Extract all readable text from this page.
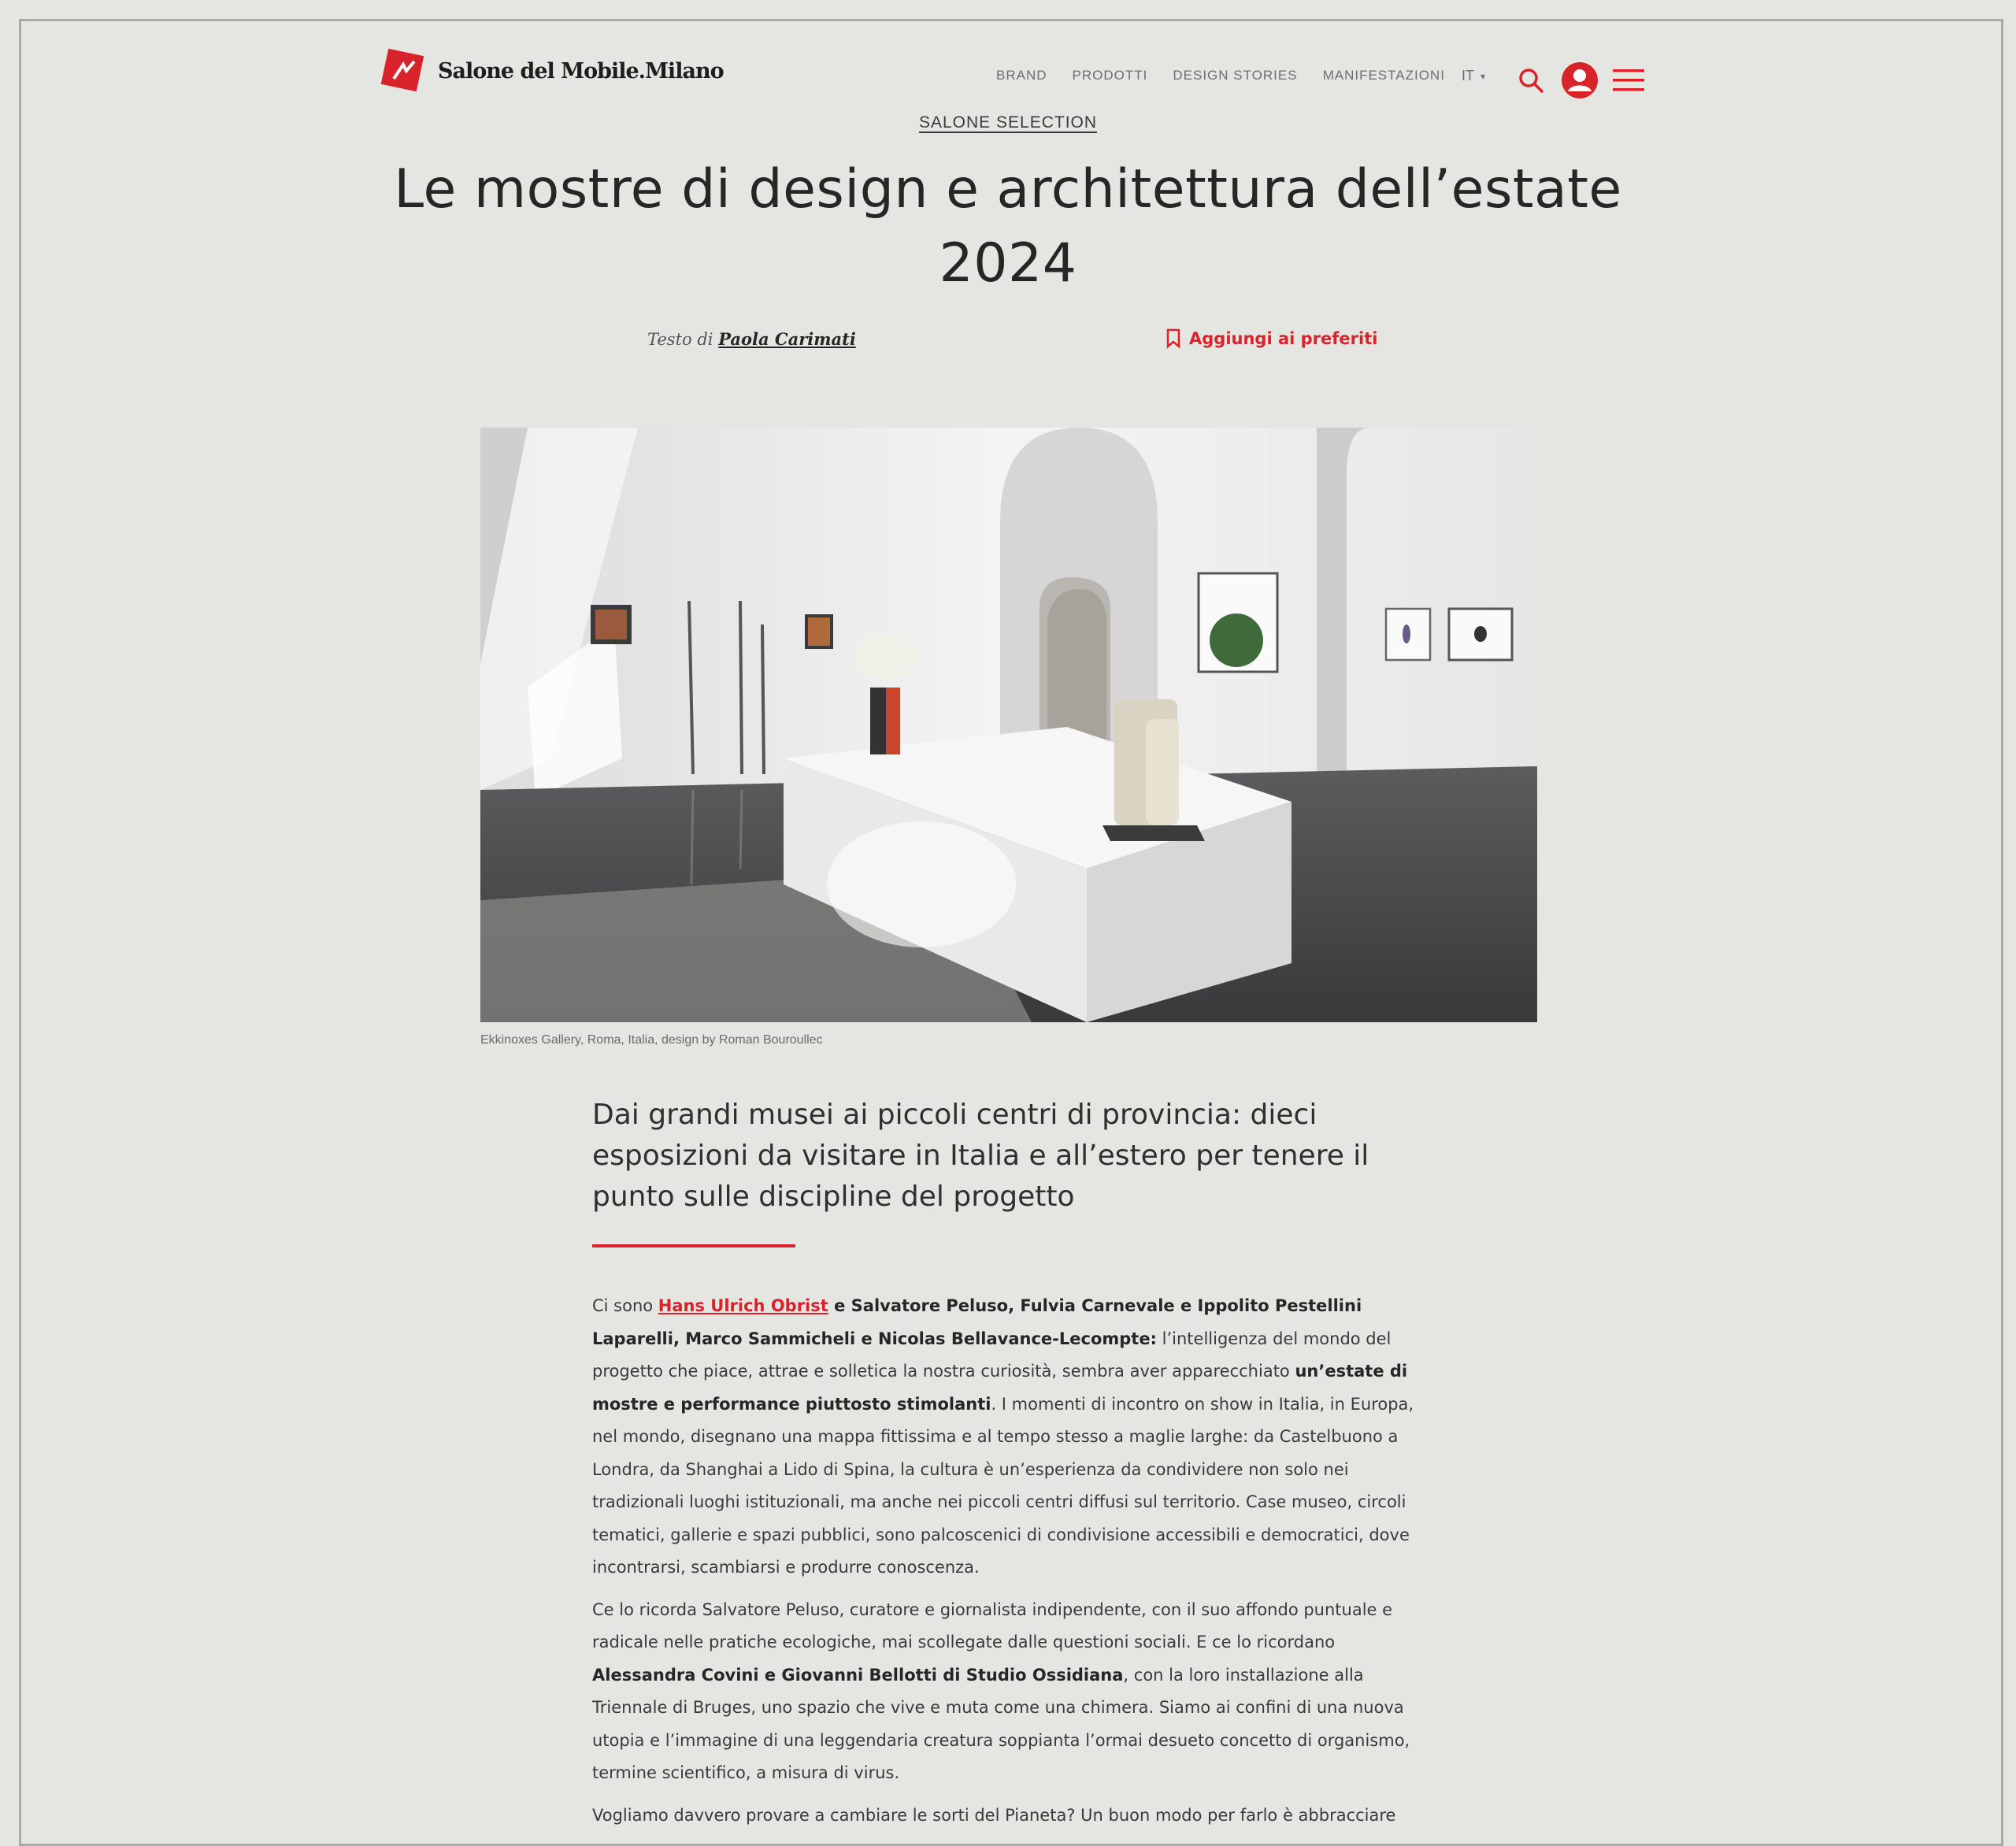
Salone del Mobile.Milano	BRAND PRODOTTI DESIGN STORIES MANIFESTAZIONI IT ▾
SALONE SELECTION
Le mostre di design e architettura dell’estate 2024
Testo di Paola Carimati	Aggiungi ai preferiti
Ekkinoxes Gallery, Roma, Italia, design by Roman Bouroullec

Dai grandi musei ai piccoli centri di provincia: dieci esposizioni da visitare in Italia e all’estero per tenere il punto sulle discipline del progetto

Ci sono Hans Ulrich Obrist e Salvatore Peluso, Fulvia Carnevale e Ippolito Pestellini Laparelli, Marco Sammicheli e Nicolas Bellavance-Lecompte: l’intelligenza del mondo del progetto che piace, attrae e solletica la nostra curiosità, sembra aver apparecchiato un’estate di mostre e performance piuttosto stimolanti. I momenti di incontro on show in Italia, in Europa, nel mondo, disegnano una mappa fittissima e al tempo stesso a maglie larghe: da Castelbuono a Londra, da Shanghai a Lido di Spina, la cultura è un’esperienza da condividere non solo nei tradizionali luoghi istituzionali, ma anche nei piccoli centri diffusi sul territorio. Case museo, circoli tematici, gallerie e spazi pubblici, sono palcoscenici di condivisione accessibili e democratici, dove incontrarsi, scambiarsi e produrre conoscenza.

Ce lo ricorda Salvatore Peluso, curatore e giornalista indipendente, con il suo affondo puntuale e radicale nelle pratiche ecologiche, mai scollegate dalle questioni sociali. E ce lo ricordano Alessandra Covini e Giovanni Bellotti di Studio Ossidiana, con la loro installazione alla Triennale di Bruges, uno spazio che vive e muta come una chimera. Siamo ai confini di una nuova utopia e l’immagine di una leggendaria creatura soppianta l’ormai desueto concetto di organismo, termine scientifico, a misura di virus.

Vogliamo davvero provare a cambiare le sorti del Pianeta? Un buon modo per farlo è abbracciare
